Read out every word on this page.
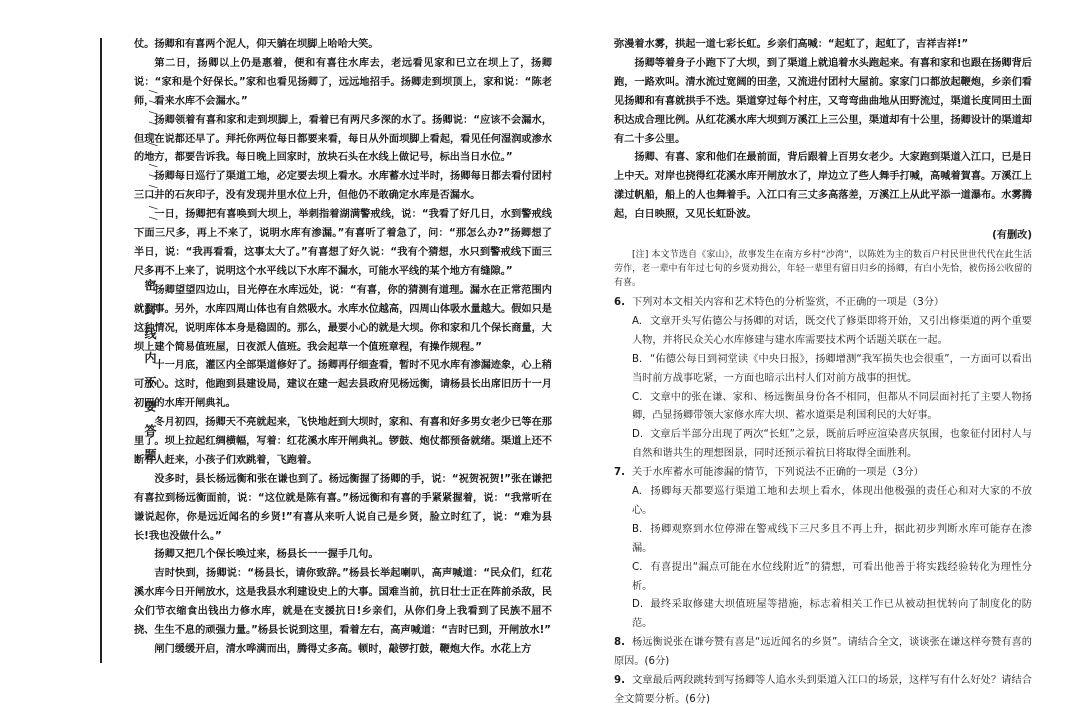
/ / / / / / / / / / / / /
密 封 线 内 不 要 答 题

仗。扬卿和有喜两个泥人，仰天躺在坝脚上哈哈大笑。

第二日，扬卿以上仍是惠着，便和有喜往水库去，老远看见家和已立在坝上了，扬卿说：“家和是个好保长。”家和也看见扬卿了，远远地招手。扬卿走到坝顶上，家和说：“陈老师，看来水库不会漏水。”

扬卿领着有喜和家和走到坝脚上，看着已有两尺多深的水了。扬卿说：“应该不会漏水，但现在说都还早了。拜托你两位每日都要来看，每日从外面坝脚上看起，看见任何湿润或渗水的地方，都要告诉我。每日晚上回家时，放块石头在水线上做记号，标出当日水位。”

扬卿每日巡行了渠道工地，必定要去坝上看水。水库蓄水过半时，扬卿每日都去看付团村三口井的石灰印子，没有发现井里水位上升，但他仍不敢确定水库是否漏水。

一日，扬卿把有喜唤到大坝上，举刺指着湖满警戒线，说：“我看了好几日，水到警戒线下面三尺多，再上不来了，说明水库有渗漏。”有喜听了着急了，问：“那怎么办?”扬卿想了半日，说：“我再看看，这事太大了。”有喜想了好久说：“我有个猜想，水只到警戒线下面三尺多再不上来了，说明这个水平线以下水库不漏水，可能水平线的某个地方有缝隙。”

扬卿望望四边山，目光停在水库远处，说：“有喜，你的猜测有道理。漏水在正常范围内就没事。另外，水库四周山体也有自然吸水。水库水位越高，四周山体吸水量越大。假如只是这种情况，说明库体本身是稳固的。那么，最要小心的就是大坝。你和家和几个保长商量，大坝上建个简易值班屋，日夜派人值班。我会起草一个值班章程，有操作规程。”

十一月底，灌区内全部渠道修好了。扬卿再仔细查看，暂时不见水库有渗漏迹象，心上稍可放心。这时，他跑到县建设局，建议在建一起去县政府见杨远衡，请杨县长出席旧历十一月初四的水库开闸典礼。

冬月初四，扬卿天不亮就起来，飞快地赶到大坝时，家和、有喜和好多男女老少已等在那里了。坝上拉起红绸横幅，写着：红花溪水库开闸典礼。锣鼓、炮仗都预备就绪。渠道上还不断有人赶来，小孩子们欢跳着，飞跑着。

没多时，县长杨远衡和张在谦也到了。杨远衡握了扬卿的手，说：“祝贺祝贺!”张在谦把有喜拉到杨远衡面前，说：“这位就是陈有喜。”杨远衡和有喜的手紧紧握着，说：“我常听在谦说起你，你是远近闻名的乡贤!”有喜从来听人说自己是乡贤，脸立时红了，说：“难为县长!我也没做什么。”

扬卿又把几个保长唤过来，杨县长一一握手几句。

吉时快到，扬卿说：“杨县长，请你致辞。”杨县长举起喇叭，高声喊道：“民众们，红花溪水库今日开闸放水，这是我县水利建设史上的大事。国难当前，抗日壮士正在阵前杀敌，民众们节衣缩食出钱出力修水库，就是在支援抗日!乡亲们，从你们身上我看到了民族不屈不挠、生生不息的顽强力量。”杨县长说到这里，看着左右，高声喊道：“吉时已到，开闸放水!”

闸门缓缓开启，清水哗满而出，腾得丈多高。顿时，敲锣打鼓，鞭炮大作。水花上方

弥漫着水雾，拱起一道七彩长虹。乡亲们高喊：“起虹了，起虹了，吉祥吉祥!”

扬卿等着身子小跑下了大坝，到了渠道上就追着水头跑起来。有喜和家和也跟在扬卿背后跑，一路欢叫。清水流过宽阔的田垄，又流进付团村大屋前。家家门口都放起鞭炮，乡亲们看见扬卿和有喜就拱手不迭。渠道穿过每个村庄，又弯弯曲曲地从田野流过，渠道长度同田土面积达成合理比例。从红花溪水库大坝到万溪江上三公里，渠道却有十公里，扬卿设计的渠道却有二十多公里。

扬卿、有喜、家和他们在最前面，背后跟着上百男女老少。大家跑到渠道入江口，已是日上中天。对岸也挠得红花溪水库开闸放水了，岸边立了些人舞手打喊，高喊着賀喜。万溪江上漾过帆船，船上的人也舞着手。入江口有三丈多高落差，万溪江上从此平添一道瀑布。水雾腾起，白日映照，又见长虹卧波。

(有删改)

[注] 本文节选自《家山》，故事发生在南方乡村“沙湾”，以陈姓为主的数百户村民世世代代在此生活劳作，老一辈中有年过七旬的乡贤劝揖公，年轻一辈里有留日归乡的扬卿，有白小先恰，被伤扬公收留的有喜。

6. 下列对本文相关内容和艺术特色的分析鉴赏，不正确的一项是（3分）

A. 文章开头写佑德公与扬卿的对话，既交代了修渠即将开始，又引出修渠道的两个重要人物，并将民众关心水库修建与建水库需要技术两个话题关联在一起。

B. “佑德公每日到祠堂读《中央日报》，扬卿增测“我军损失也会很重”，一方面可以看出当时前方战事吃紧，一方面也暗示出村人们对前方战事的担忧。

C. 文章中的张在谦、家和、杨远衡虽身份各不相同，但都从不同层面衬托了主要人物扬卿，凸显扬卿带领大家修水库大坝、蓄水道渠是利国利民的大好事。

D. 文章后半部分出现了两次“长虹”之景，既前后呼应渲染喜庆氛围，也象征付团村人与自然和谐共生的理想图景，同时还预示着抗日将取得全面胜利。

7. 关于水库蓄水可能渗漏的情节，下列说法不正确的一项是（3分）

A. 扬卿每天都要巡行渠道工地和去坝上看水，体现出他极强的责任心和对大家的不放心。

B. 扬卿观察到水位停滞在警戒线下三尺多且不再上升，据此初步判断水库可能存在渗漏。

C. 有喜提出“漏点可能在水位线附近”的猜想，可看出他善于将实践经验转化为理性分析。

D. 最终采取修建大坝值班屋等措施，标志着相关工作已从被动担忧转向了制度化的防范。

8. 杨远衡说张在谦夸赞有喜是“远近闻名的乡贤”。请结合全文，谈谈张在谦这样夸赞有喜的原因。(6分)

9. 文章最后两段跳转到写扬卿等人追水头到渠道入江口的场景，这样写有什么好处？请结合全文简要分析。(6分)
